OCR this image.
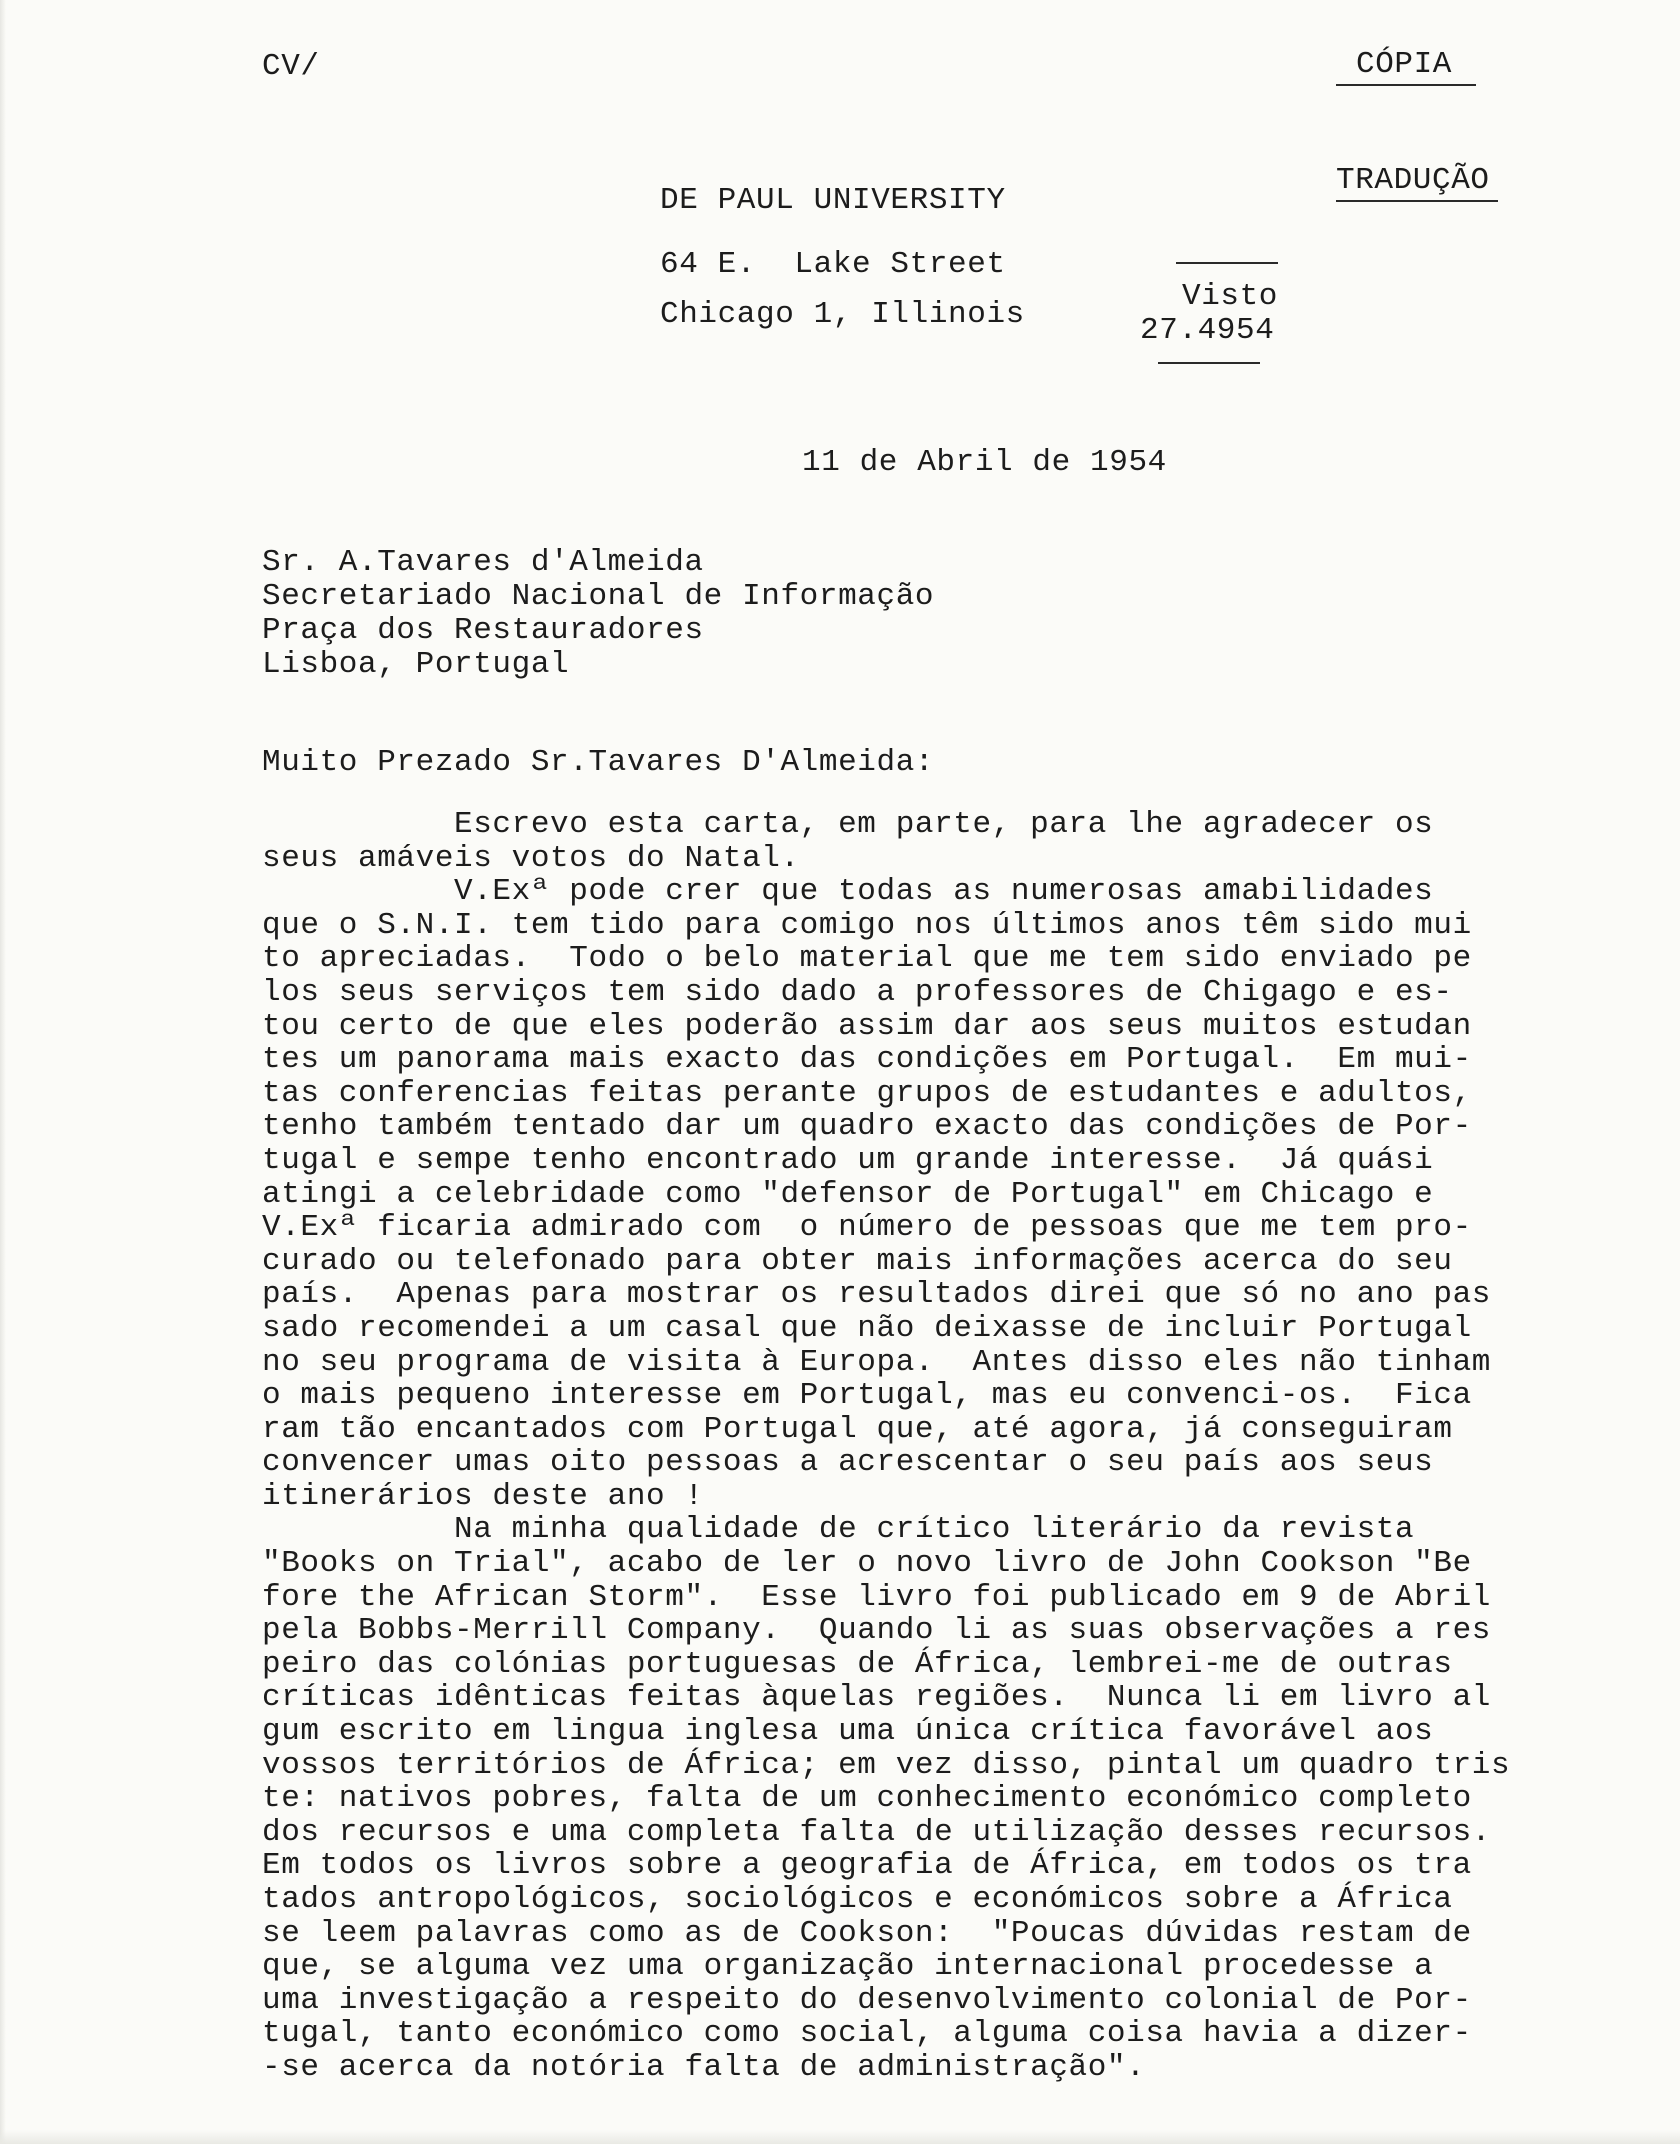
CV/	CÓPIA
TRADUÇÃO
DE PAUL UNIVERSITY
64 E.  Lake Street
Chicago 1, Illinois
Visto
27.4954
11 de Abril de 1954
Sr. A.Tavares d'Almeida
Secretariado Nacional de Informação
Praça dos Restauradores
Lisboa, Portugal
Muito Prezado Sr.Tavares D'Almeida:
Escrevo esta carta, em parte, para lhe agradecer os
seus amáveis votos do Natal.
V.Exª pode crer que todas as numerosas amabilidades
que o S.N.I. tem tido para comigo nos últimos anos têm sido mui
to apreciadas.  Todo o belo material que me tem sido enviado pe
los seus serviços tem sido dado a professores de Chigago e es-
tou certo de que eles poderão assim dar aos seus muitos estudan
tes um panorama mais exacto das condições em Portugal.  Em mui-
tas conferencias feitas perante grupos de estudantes e adultos,
tenho também tentado dar um quadro exacto das condições de Por-
tugal e sempe tenho encontrado um grande interesse.  Já quási
atingi a celebridade como "defensor de Portugal" em Chicago e
V.Exª ficaria admirado com  o número de pessoas que me tem pro-
curado ou telefonado para obter mais informações acerca do seu
país.  Apenas para mostrar os resultados direi que só no ano pas
sado recomendei a um casal que não deixasse de incluir Portugal
no seu programa de visita à Europa.  Antes disso eles não tinham
o mais pequeno interesse em Portugal, mas eu convenci-os.  Fica
ram tão encantados com Portugal que, até agora, já conseguiram
convencer umas oito pessoas a acrescentar o seu país aos seus
itinerários deste ano !
Na minha qualidade de crítico literário da revista
"Books on Trial", acabo de ler o novo livro de John Cookson "Be
fore the African Storm".  Esse livro foi publicado em 9 de Abril
pela Bobbs-Merrill Company.  Quando li as suas observações a res
peiro das colónias portuguesas de África, lembrei-me de outras
críticas idênticas feitas àquelas regiões.  Nunca li em livro al
gum escrito em lingua inglesa uma única crítica favorável aos
vossos territórios de África; em vez disso, pintal um quadro tris
te: nativos pobres, falta de um conhecimento económico completo
dos recursos e uma completa falta de utilização desses recursos.
Em todos os livros sobre a geografia de África, em todos os tra
tados antropológicos, sociológicos e económicos sobre a África
se leem palavras como as de Cookson:  "Poucas dúvidas restam de
que, se alguma vez uma organização internacional procedesse a
uma investigação a respeito do desenvolvimento colonial de Por-
tugal, tanto económico como social, alguma coisa havia a dizer-
-se acerca da notória falta de administração".
